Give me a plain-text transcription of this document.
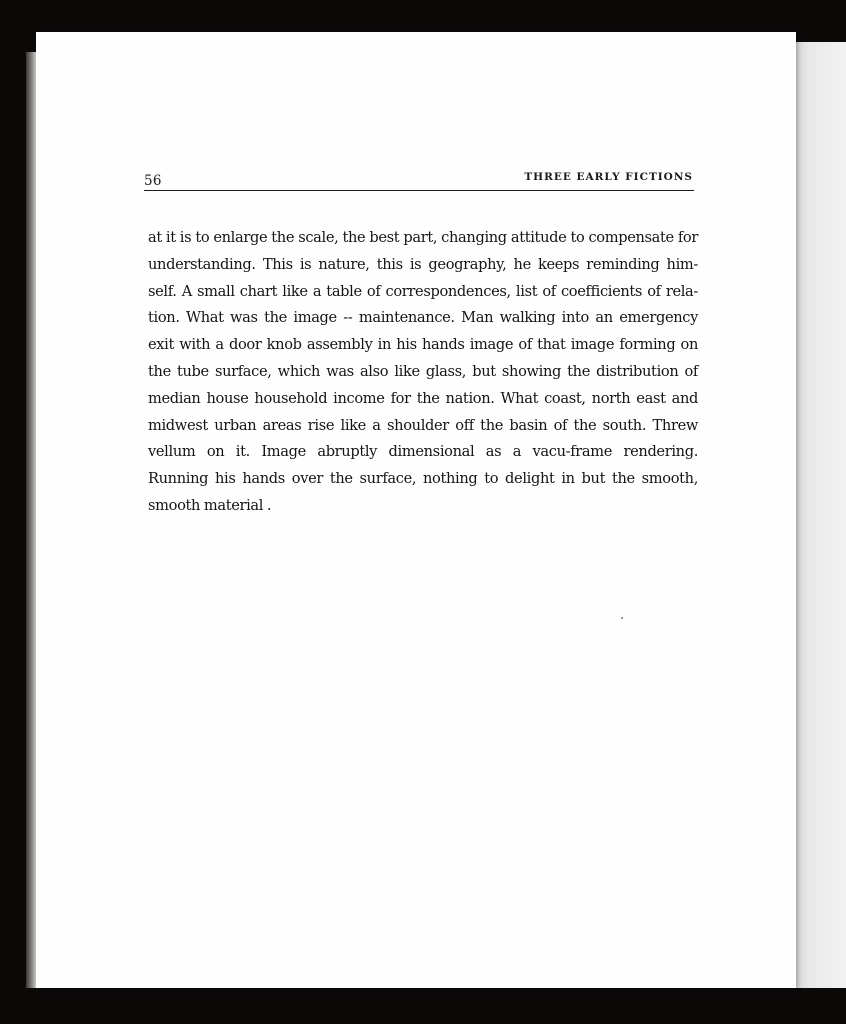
56	THREE EARLY FICTIONS
at it is to enlarge the scale, the best part, changing attitude to compensate for
understanding. This is nature, this is geography, he keeps reminding him-
self. A small chart like a table of correspondences, list of coefficients of rela-
tion. What was the image -- maintenance. Man walking into an emergency
exit with a door knob assembly in his hands image of that image forming on
the tube surface, which was also like glass, but showing the distribution of
median house household income for the nation. What coast, north east and
midwest urban areas rise like a shoulder off the basin of the south. Threw
vellum on it. Image abruptly dimensional as a vacu-frame rendering.
Running his hands over the surface, nothing to delight in but the smooth,
smooth material .
